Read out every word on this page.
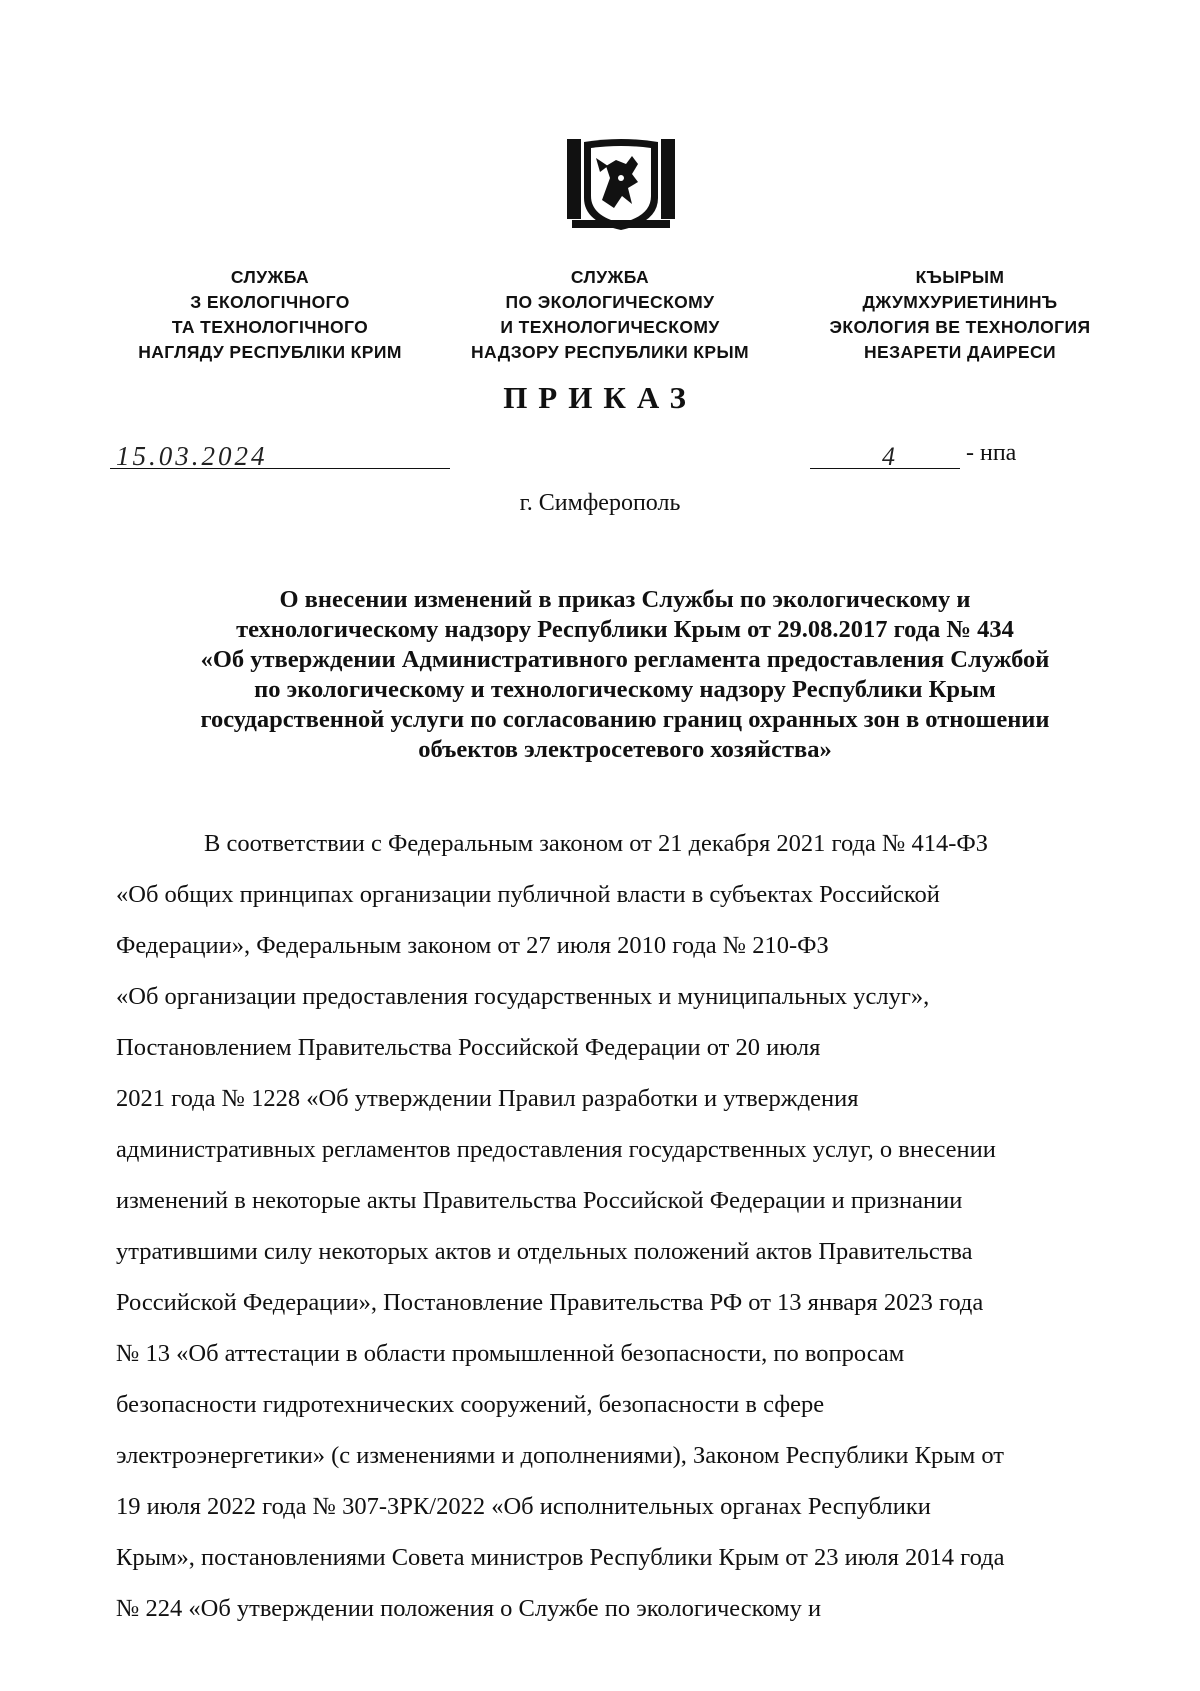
СЛУЖБА
З ЕКОЛОГІЧНОГО
ТА ТЕХНОЛОГІЧНОГО
НАГЛЯДУ РЕСПУБЛІКИ КРИМ
СЛУЖБА
ПО ЭКОЛОГИЧЕСКОМУ
И ТЕХНОЛОГИЧЕСКОМУ
НАДЗОРУ РЕСПУБЛИКИ КРЫМ
КЪЫРЫМ
ДЖУМХУРИЕТИНИНЪ
ЭКОЛОГИЯ ВЕ ТЕХНОЛОГИЯ
НЕЗАРЕТИ ДАИРЕСИ
ПРИКАЗ
15.03.2024	4	- нпа
г. Симферополь
О внесении изменений в приказ Службы по экологическому и
технологическому надзору Республики Крым от 29.08.2017 года № 434
«Об утверждении Административного регламента предоставления Службой
по экологическому и технологическому надзору Республики Крым
государственной услуги по согласованию границ охранных зон в отношении
объектов электросетевого хозяйства»
В соответствии с Федеральным законом от 21 декабря 2021 года № 414-ФЗ
«Об общих принципах организации публичной власти в субъектах Российской
Федерации», Федеральным законом от 27 июля 2010 года № 210-ФЗ
«Об организации предоставления государственных и муниципальных услуг»,
Постановлением Правительства Российской Федерации от 20 июля
2021 года № 1228 «Об утверждении Правил разработки и утверждения
административных регламентов предоставления государственных услуг, о внесении
изменений в некоторые акты Правительства Российской Федерации и признании
утратившими силу некоторых актов и отдельных положений актов Правительства
Российской Федерации», Постановление Правительства РФ от 13 января 2023 года
№ 13 «Об аттестации в области промышленной безопасности, по вопросам
безопасности гидротехнических сооружений, безопасности в сфере
электроэнергетики» (с изменениями и дополнениями), Законом Республики Крым от
19 июля 2022 года № 307-ЗРК/2022 «Об исполнительных органах Республики
Крым», постановлениями Совета министров Республики Крым от 23 июля 2014 года
№ 224 «Об утверждении положения о Службе по экологическому и
